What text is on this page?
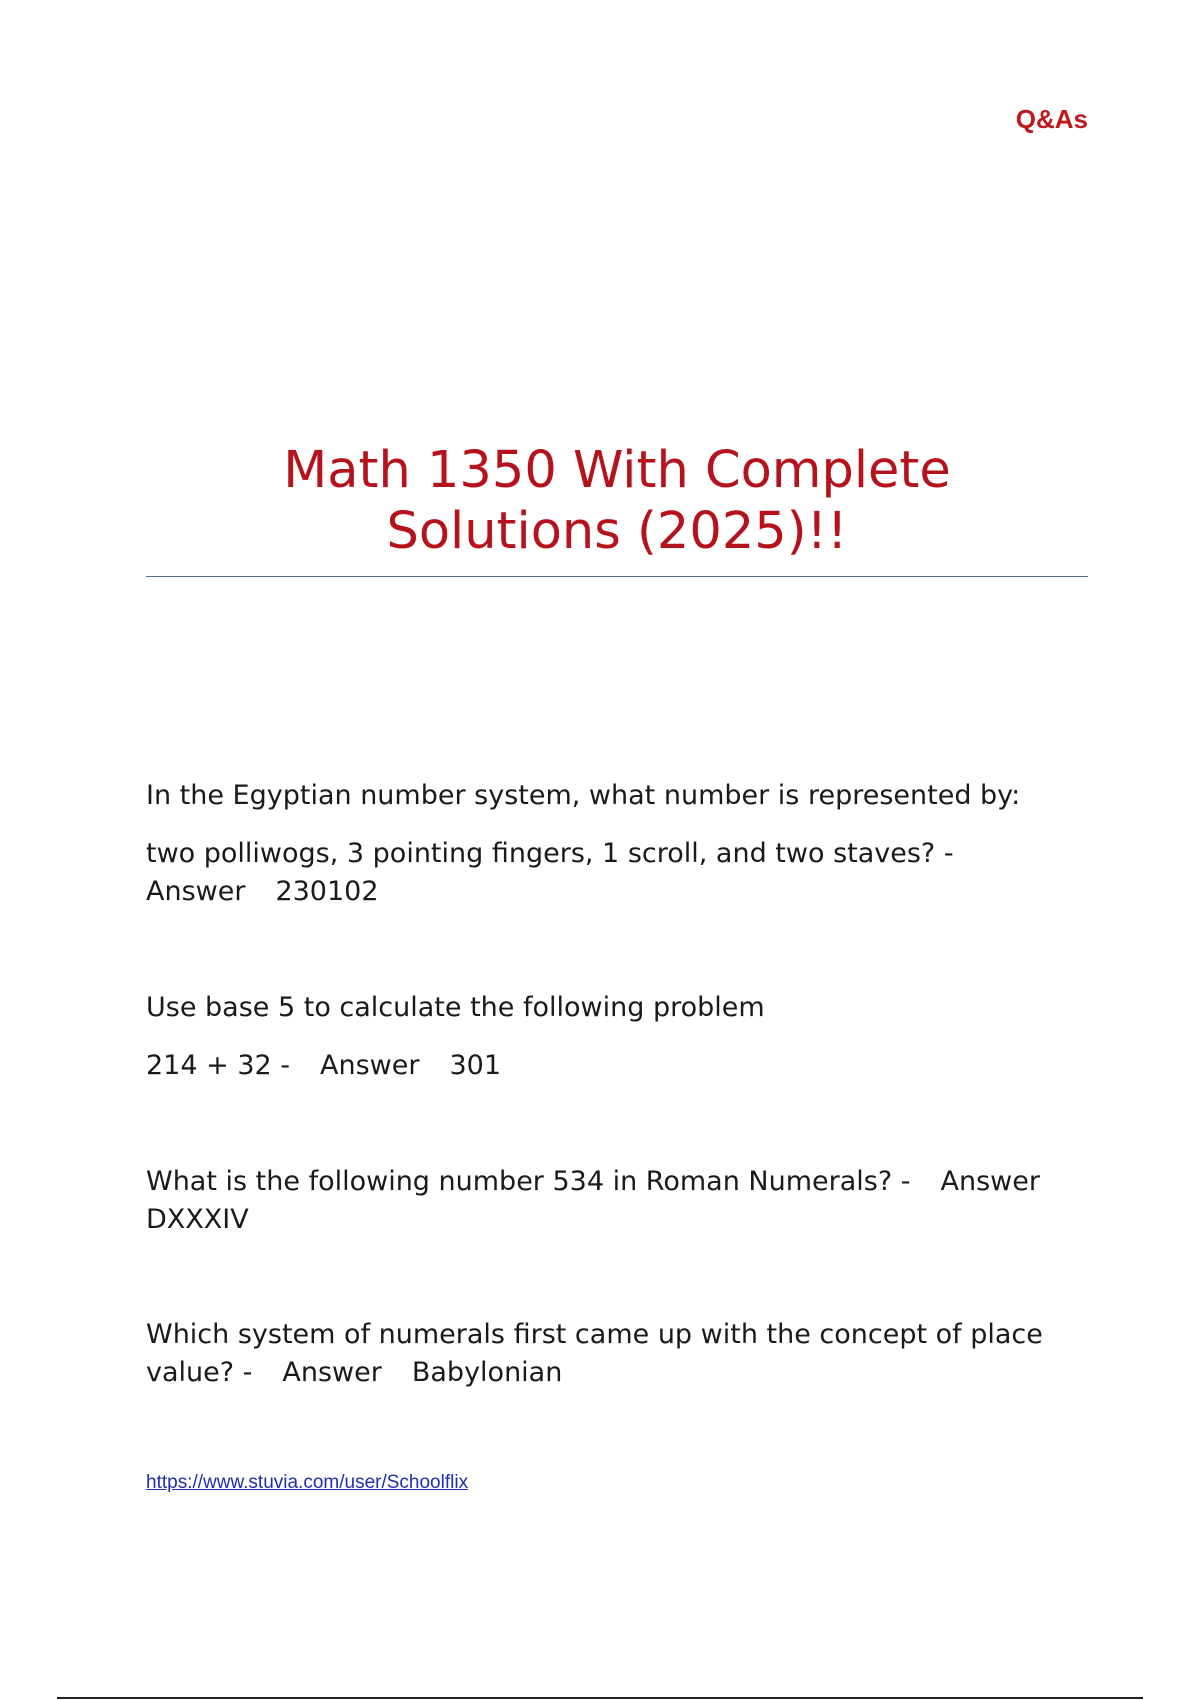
Q&As
Math 1350 With Complete
Solutions (2025)!!

In the Egyptian number system, what number is represented by:

two polliwogs, 3 pointing fingers, 1 scroll, and two staves? -
Answer 230102

Use base 5 to calculate the following problem

214 + 32 - Answer 301

What is the following number 534 in Roman Numerals? - Answer
DXXXIV

Which system of numerals first came up with the concept of place
value? - Answer Babylonian

https://www.stuvia.com/user/Schoolflix
